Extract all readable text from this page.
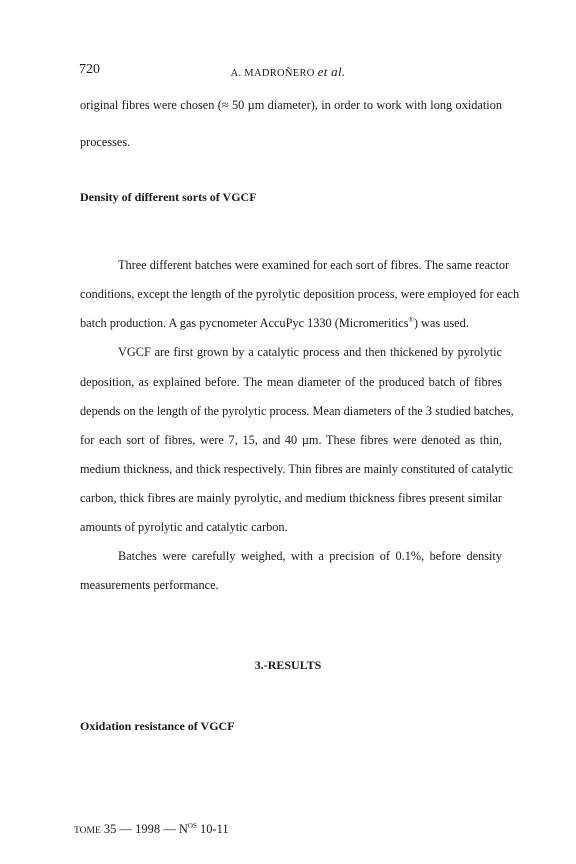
720	A. MADROÑERO et al.
original fibres were chosen (≈ 50 µm diameter), in order to work with long oxidation
processes.
Density of different sorts of VGCF
Three different batches were examined for each sort of fibres. The same reactor
conditions, except the length of the pyrolytic deposition process, were employed for each
batch production. A gas pycnometer AccuPyc 1330 (Micromeritics®) was used.
VGCF are first grown by a catalytic process and then thickened by pyrolytic
deposition, as explained before. The mean diameter of the produced batch of fibres
depends on the length of the pyrolytic process. Mean diameters of the 3 studied batches,
for each sort of fibres, were 7, 15, and 40 µm. These fibres were denoted as thin,
medium thickness, and thick respectively. Thin fibres are mainly constituted of catalytic
carbon, thick fibres are mainly pyrolytic, and medium thickness fibres present similar
amounts of pyrolytic and catalytic carbon.
Batches were carefully weighed, with a precision of 0.1%, before density
measurements performance.
3.-RESULTS
Oxidation resistance of VGCF
TOME 35 — 1998 — $N^{OS}$ 10-11
